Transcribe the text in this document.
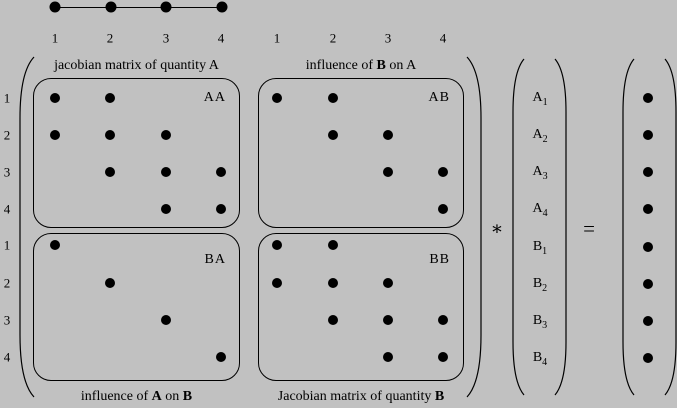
1	2	3	4	1	2	3	4
1
2
3
4
1
2
3
4
AA	AB
BA	BB
jacobian matrix of quantity A	influence of B on A
influence of A on B	Jacobian matrix of quantity B
∗	=
$A_1$
$A_2$
$A_3$
$A_4$
$B_1$
$B_2$
$B_3$
$B_4$
